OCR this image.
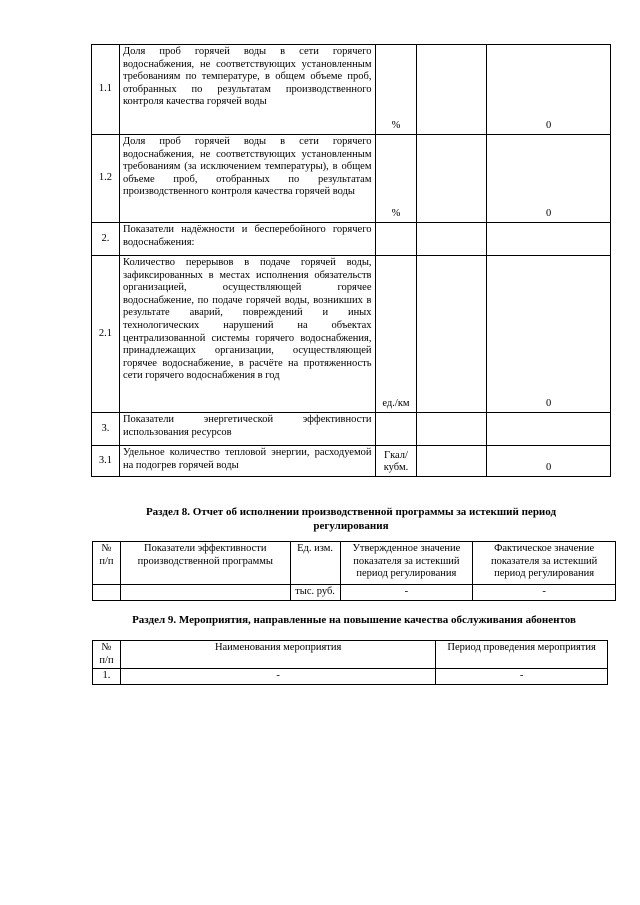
1.1	Доля проб горячей воды в сети горячего водоснабжения, не соответствующих установленным требованиям по температуре, в общем объеме проб, отобранных по результатам производственного контроля качества горячей воды	%		0
1.2	Доля проб горячей воды в сети горячего водоснабжения, не соответствующих установленным требованиям (за исключением температуры), в общем объеме проб, отобранных по результатам производственного контроля качества горячей воды	%		0
2.	Показатели надёжности и бесперебойного горячего водоснабжения:			
2.1	Количество перерывов в подаче горячей воды, зафиксированных в местах исполнения обязательств организацией, осуществляющей горячее водоснабжение, по подаче горячей воды, возникших в результате аварий, повреждений и иных технологических нарушений на объектах централизованной системы горячего водоснабжения, принадлежащих организации, осуществляющей горячее водоснабжение, в расчёте на протяженность сети горячего водоснабжения в год	ед./км		0
3.	Показатели энергетической эффективности использования ресурсов			
3.1	Удельное количество тепловой энергии, расходуемой на подогрев горячей воды	Гкал/ кубм.		0
Раздел 8. Отчет об исполнении производственной программы за истекший период регулирования
№ п/п	Показатели эффективности производственной программы	Ед. изм.	Утвержденное значение показателя за истекший период регулирования	Фактическое значение показателя за истекший период регулирования
		тыс. руб.	-	-
Раздел 9. Мероприятия, направленные на повышение качества обслуживания абонентов
№ п/п	Наименования мероприятия	Период проведения мероприятия
1.	-	-
